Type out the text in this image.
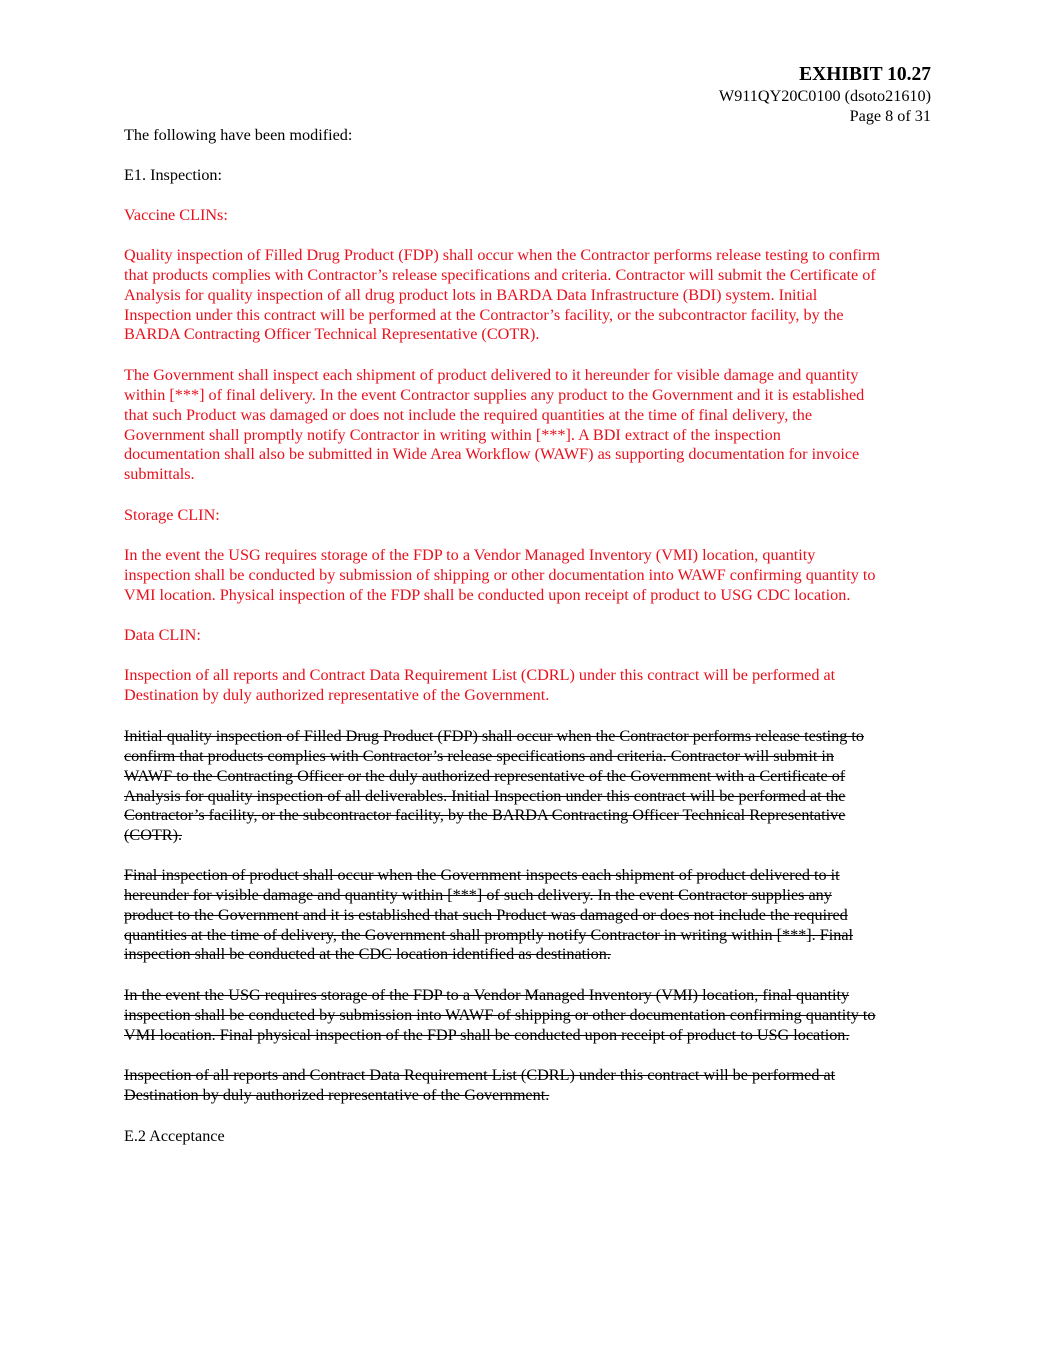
EXHIBIT 10.27
W911QY20C0100 (dsoto21610)
Page 8 of 31
The following have been modified:
E1. Inspection:
Vaccine CLINs:
Quality inspection of Filled Drug Product (FDP) shall occur when the Contractor performs release testing to confirm
that products complies with Contractor’s release specifications and criteria. Contractor will submit the Certificate of
Analysis for quality inspection of all drug product lots in BARDA Data Infrastructure (BDI) system. Initial
Inspection under this contract will be performed at the Contractor’s facility, or the subcontractor facility, by the
BARDA Contracting Officer Technical Representative (COTR).
The Government shall inspect each shipment of product delivered to it hereunder for visible damage and quantity
within [***] of final delivery. In the event Contractor supplies any product to the Government and it is established
that such Product was damaged or does not include the required quantities at the time of final delivery, the
Government shall promptly notify Contractor in writing within [***]. A BDI extract of the inspection
documentation shall also be submitted in Wide Area Workflow (WAWF) as supporting documentation for invoice
submittals.
Storage CLIN:
In the event the USG requires storage of the FDP to a Vendor Managed Inventory (VMI) location, quantity
inspection shall be conducted by submission of shipping or other documentation into WAWF confirming quantity to
VMI location. Physical inspection of the FDP shall be conducted upon receipt of product to USG CDC location.
Data CLIN:
Inspection of all reports and Contract Data Requirement List (CDRL) under this contract will be performed at
Destination by duly authorized representative of the Government.
Initial quality inspection of Filled Drug Product (FDP) shall occur when the Contractor performs release testing to
confirm that products complies with Contractor’s release specifications and criteria. Contractor will submit in
WAWF to the Contracting Officer or the duly authorized representative of the Government with a Certificate of
Analysis for quality inspection of all deliverables. Initial Inspection under this contract will be performed at the
Contractor’s facility, or the subcontractor facility, by the BARDA Contracting Officer Technical Representative
(COTR).
Final inspection of product shall occur when the Government inspects each shipment of product delivered to it
hereunder for visible damage and quantity within [***] of such delivery. In the event Contractor supplies any
product to the Government and it is established that such Product was damaged or does not include the required
quantities at the time of delivery, the Government shall promptly notify Contractor in writing within [***]. Final
inspection shall be conducted at the CDC location identified as destination.
In the event the USG requires storage of the FDP to a Vendor Managed Inventory (VMI) location, final quantity
inspection shall be conducted by submission into WAWF of shipping or other documentation confirming quantity to
VMI location. Final physical inspection of the FDP shall be conducted upon receipt of product to USG location.
Inspection of all reports and Contract Data Requirement List (CDRL) under this contract will be performed at
Destination by duly authorized representative of the Government.
E.2 Acceptance
